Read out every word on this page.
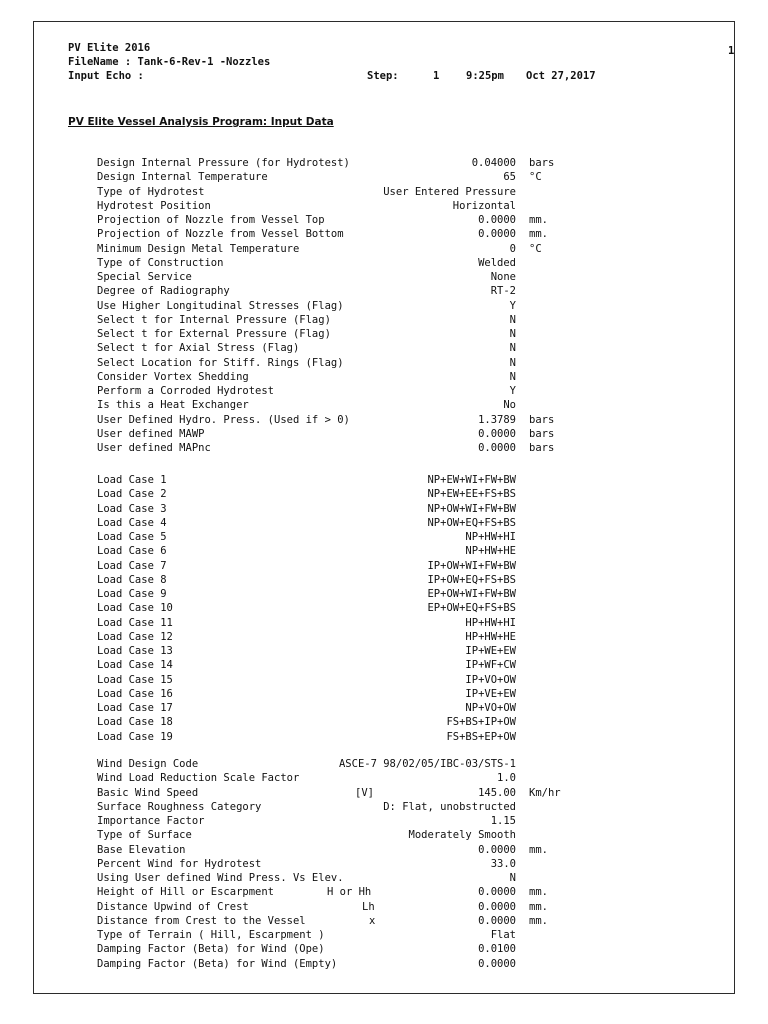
PV Elite 2016
FileName : Tank-6-Rev-1 -Nozzles
Input Echo :	Step:	1	9:25pm Oct 27,2017
1
PV Elite Vessel Analysis Program: Input Data
Design Internal Pressure (for Hydrotest)	0.04000 bars
Design Internal Temperature	65 °C
Type of Hydrotest	User Entered Pressure
Hydrotest Position	Horizontal
Projection of Nozzle from Vessel Top	0.0000 mm.
Projection of Nozzle from Vessel Bottom	0.0000 mm.
Minimum Design Metal Temperature	0 °C
Type of Construction	Welded
Special Service	None
Degree of Radiography	RT-2
Use Higher Longitudinal Stresses (Flag)	Y
Select t for Internal Pressure (Flag)	N
Select t for External Pressure (Flag)	N
Select t for Axial Stress (Flag)	N
Select Location for Stiff. Rings (Flag)	N
Consider Vortex Shedding	N
Perform a Corroded Hydrotest	Y
Is this a Heat Exchanger	No
User Defined Hydro. Press. (Used if > 0)	1.3789 bars
User defined MAWP	0.0000 bars
User defined MAPnc	0.0000 bars
Load Case 1	NP+EW+WI+FW+BW
Load Case 2	NP+EW+EE+FS+BS
Load Case 3	NP+OW+WI+FW+BW
Load Case 4	NP+OW+EQ+FS+BS
Load Case 5	NP+HW+HI
Load Case 6	NP+HW+HE
Load Case 7	IP+OW+WI+FW+BW
Load Case 8	IP+OW+EQ+FS+BS
Load Case 9	EP+OW+WI+FW+BW
Load Case 10	EP+OW+EQ+FS+BS
Load Case 11	HP+HW+HI
Load Case 12	HP+HW+HE
Load Case 13	IP+WE+EW
Load Case 14	IP+WF+CW
Load Case 15	IP+VO+OW
Load Case 16	IP+VE+EW
Load Case 17	NP+VO+OW
Load Case 18	FS+BS+IP+OW
Load Case 19	FS+BS+EP+OW
Wind Design Code	ASCE-7 98/02/05/IBC-03/STS-1
Wind Load Reduction Scale Factor	1.0
Basic Wind Speed	[V]	145.00 Km/hr
Surface Roughness Category	D: Flat, unobstructed
Importance Factor	1.15
Type of Surface	Moderately Smooth
Base Elevation	0.0000 mm.
Percent Wind for Hydrotest	33.0
Using User defined Wind Press. Vs Elev.	N
Height of Hill or Escarpment	H or Hh	0.0000 mm.
Distance Upwind of Crest	Lh	0.0000 mm.
Distance from Crest to the Vessel	x	0.0000 mm.
Type of Terrain ( Hill, Escarpment )	Flat
Damping Factor (Beta) for Wind (Ope)	0.0100
Damping Factor (Beta) for Wind (Empty)	0.0000
